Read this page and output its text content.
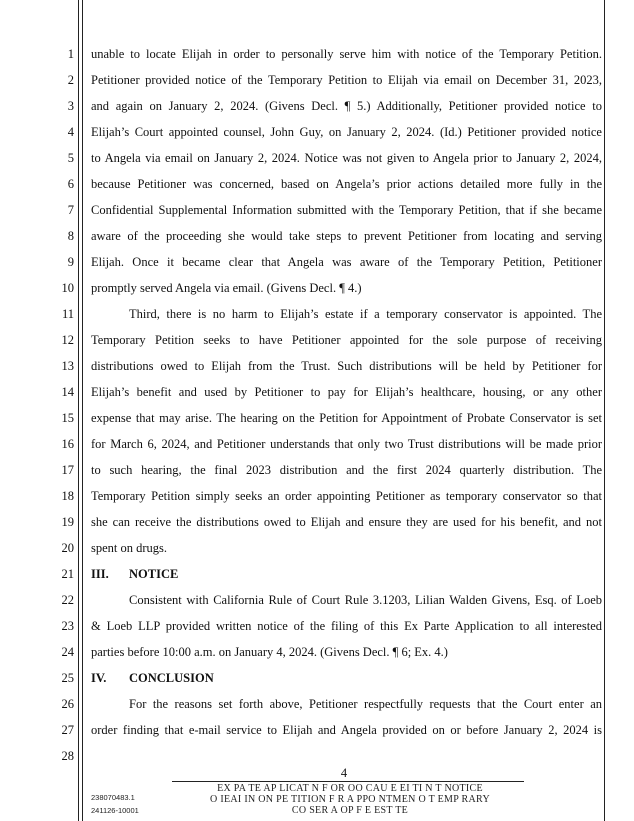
1
2
3
4
5
6
7
8
9
10
11
12
13
14
15
16
17
18
19
20
21
22
23
24
25
26
27
28
unable to locate Elijah in order to personally serve him with notice of the Temporary Petition.
Petitioner provided notice of the Temporary Petition to Elijah via email on December 31, 2023,
and again on January 2, 2024. (Givens Decl. ¶ 5.) Additionally, Petitioner provided notice to
Elijah’s Court appointed counsel, John Guy, on January 2, 2024. (Id.) Petitioner provided notice
to Angela via email on January 2, 2024. Notice was not given to Angela prior to January 2, 2024,
because Petitioner was concerned, based on Angela’s prior actions detailed more fully in the
Confidential Supplemental Information submitted with the Temporary Petition, that if she became
aware of the proceeding she would take steps to prevent Petitioner from locating and serving
Elijah. Once it became clear that Angela was aware of the Temporary Petition, Petitioner
promptly served Angela via email. (Givens Decl. ¶ 4.)
Third, there is no harm to Elijah’s estate if a temporary conservator is appointed. The
Temporary Petition seeks to have Petitioner appointed for the sole purpose of receiving
distributions owed to Elijah from the Trust. Such distributions will be held by Petitioner for
Elijah’s benefit and used by Petitioner to pay for Elijah’s healthcare, housing, or any other
expense that may arise. The hearing on the Petition for Appointment of Probate Conservator is set
for March 6, 2024, and Petitioner understands that only two Trust distributions will be made prior
to such hearing, the final 2023 distribution and the first 2024 quarterly distribution. The
Temporary Petition simply seeks an order appointing Petitioner as temporary conservator so that
she can receive the distributions owed to Elijah and ensure they are used for his benefit, and not
spent on drugs.
III. NOTICE
Consistent with California Rule of Court Rule 3.1203, Lilian Walden Givens, Esq. of Loeb
& Loeb LLP provided written notice of the filing of this Ex Parte Application to all interested
parties before 10:00 a.m. on January 4, 2024. (Givens Decl. ¶ 6; Ex. 4.)
IV. CONCLUSION
For the reasons set forth above, Petitioner respectfully requests that the Court enter an
order finding that e-mail service to Elijah and Angela provided on or before January 2, 2024 is
4
EX PA TE AP LICAT N F OR OO CAU E EI TI N T NOTICE
O IEAI IN ON PE TITION F R A PPO NTMEN O T EMP RARY
CO SER A OP F E EST TE
238070483.1
241126-10001
